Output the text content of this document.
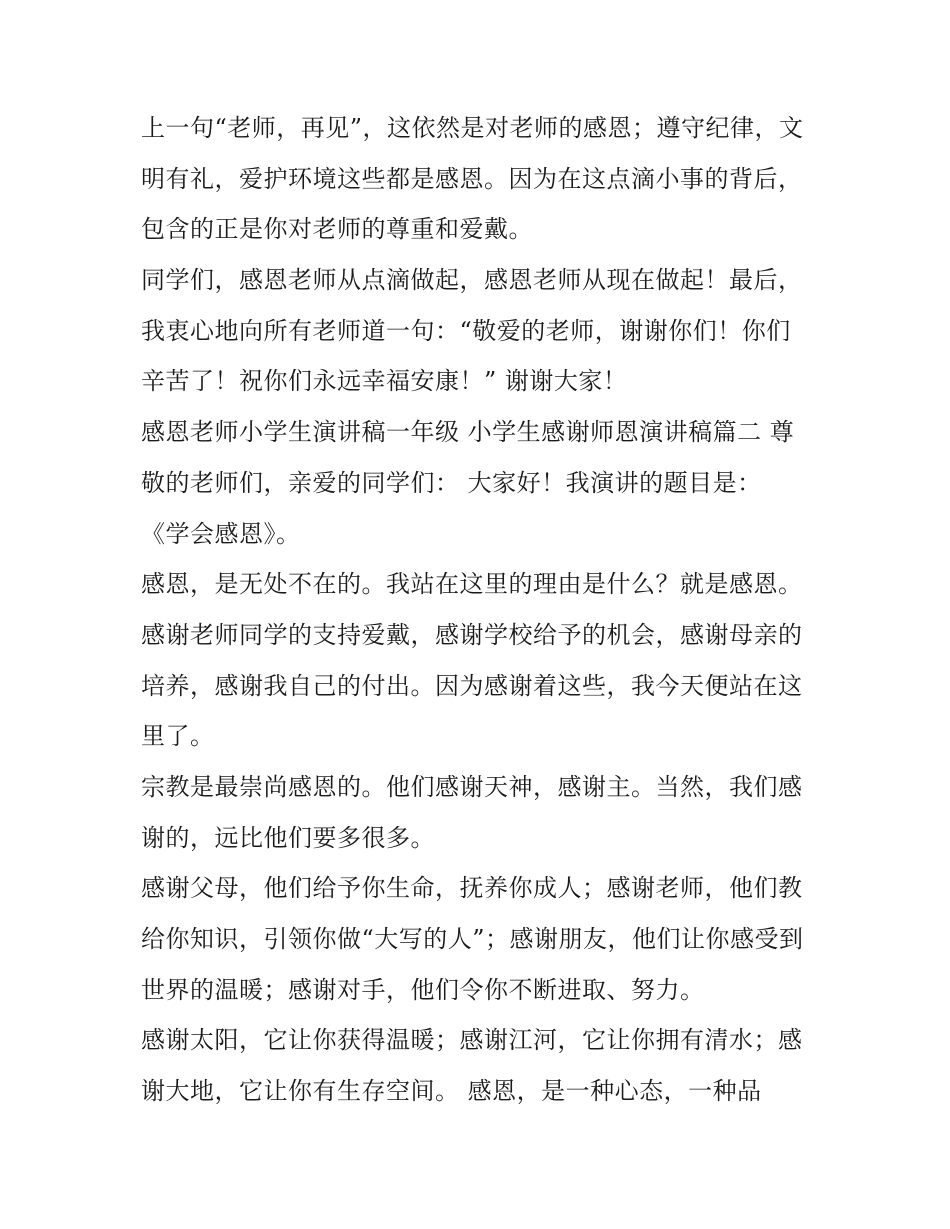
上一句“老师，再见”，这依然是对老师的感恩；遵守纪律，文
明有礼，爱护环境这些都是感恩。因为在这点滴小事的背后，
包含的正是你对老师的尊重和爱戴。
同学们，感恩老师从点滴做起，感恩老师从现在做起！最后，
我衷心地向所有老师道一句：“敬爱的老师，谢谢你们！你们
辛苦了！祝你们永远幸福安康！” 谢谢大家！
感恩老师小学生演讲稿一年级 小学生感谢师恩演讲稿篇二 尊
敬的老师们，亲爱的同学们： 大家好！我演讲的题目是：
《学会感恩》。
感恩，是无处不在的。我站在这里的理由是什么？就是感恩。
感谢老师同学的支持爱戴，感谢学校给予的机会，感谢母亲的
培养，感谢我自己的付出。因为感谢着这些，我今天便站在这
里了。
宗教是最崇尚感恩的。他们感谢天神，感谢主。当然，我们感
谢的，远比他们要多很多。
感谢父母，他们给予你生命，抚养你成人；感谢老师，他们教
给你知识，引领你做“大写的人”；感谢朋友，他们让你感受到
世界的温暖；感谢对手，他们令你不断进取、努力。
感谢太阳，它让你获得温暖；感谢江河，它让你拥有清水；感
谢大地，它让你有生存空间。 感恩，是一种心态，一种品
